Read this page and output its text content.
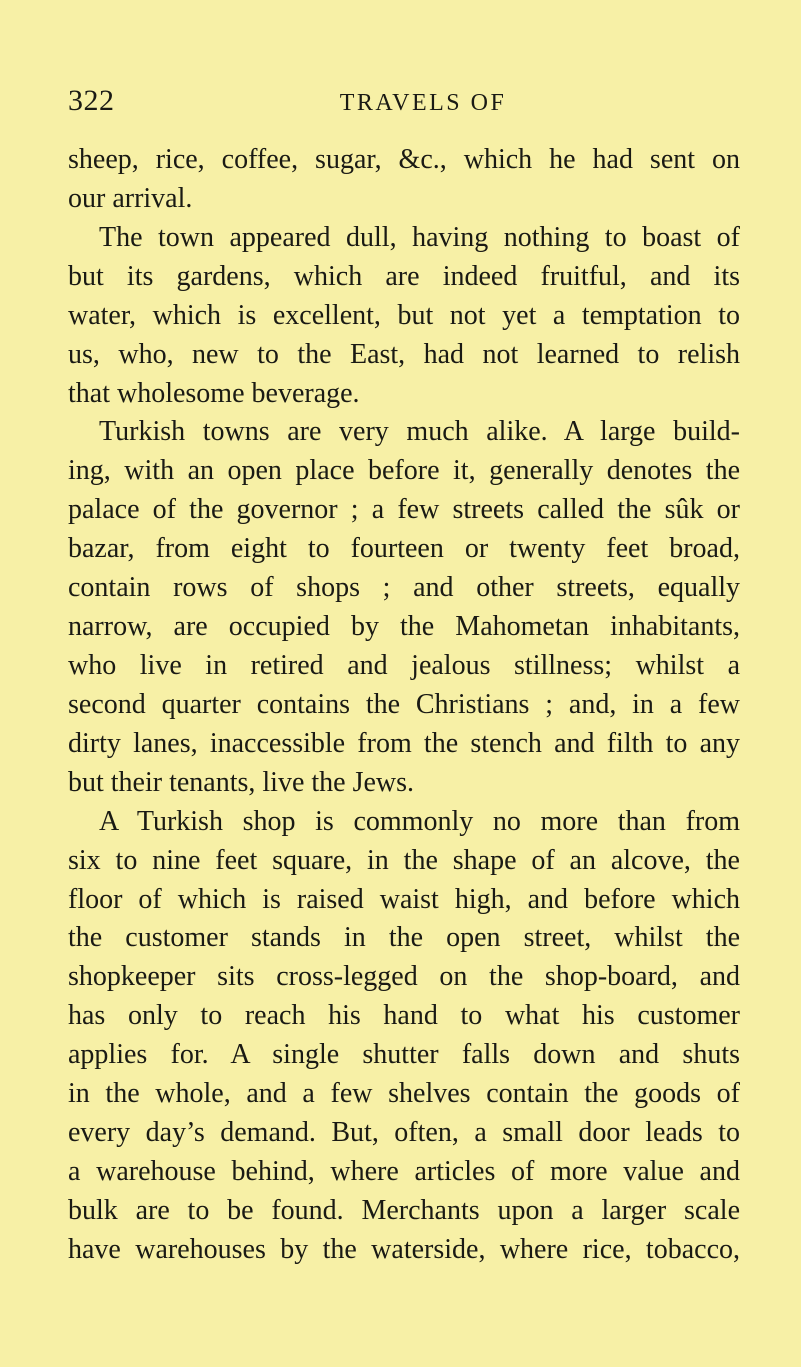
322	TRAVELS OF
sheep, rice, coffee, sugar, &c., which he had sent on
our arrival.
The town appeared dull, having nothing to boast of
but its gardens, which are indeed fruitful, and its
water, which is excellent, but not yet a temptation to
us, who, new to the East, had not learned to relish
that wholesome beverage.
Turkish towns are very much alike. A large build-
ing, with an open place before it, generally denotes the
palace of the governor ; a few streets called the sûk or
bazar, from eight to fourteen or twenty feet broad,
contain rows of shops ; and other streets, equally
narrow, are occupied by the Mahometan inhabitants,
who live in retired and jealous stillness; whilst a
second quarter contains the Christians ; and, in a few
dirty lanes, inaccessible from the stench and filth to any
but their tenants, live the Jews.
A Turkish shop is commonly no more than from
six to nine feet square, in the shape of an alcove, the
floor of which is raised waist high, and before which
the customer stands in the open street, whilst the
shopkeeper sits cross-legged on the shop-board, and
has only to reach his hand to what his customer
applies for. A single shutter falls down and shuts
in the whole, and a few shelves contain the goods of
every day’s demand. But, often, a small door leads to
a warehouse behind, where articles of more value and
bulk are to be found. Merchants upon a larger scale
have warehouses by the waterside, where rice, tobacco,
